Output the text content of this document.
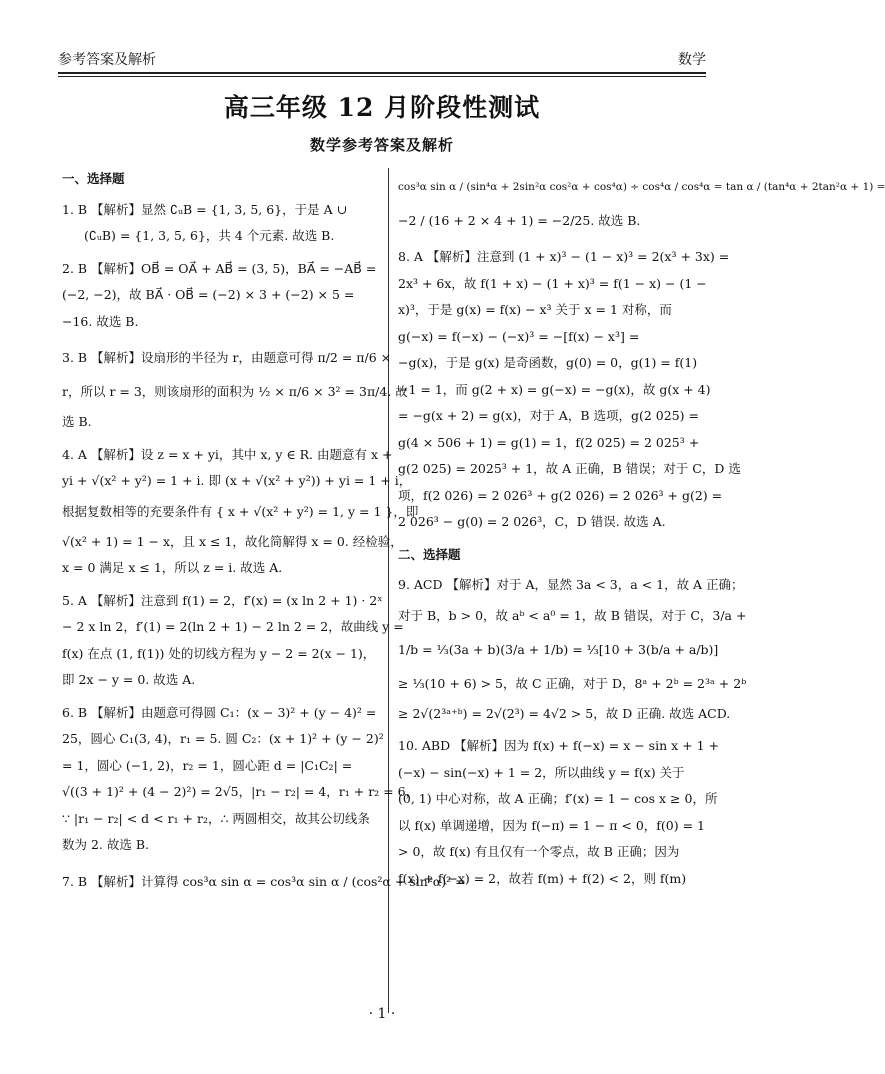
参考答案及解析	数学
高三年级 12 月阶段性测试
数学参考答案及解析

一、选择题

1. B 【解析】显然 ∁ᵤB = {1, 3, 5, 6}，于是 A ∪
(∁ᵤB) = {1, 3, 5, 6}，共 4 个元素. 故选 B.
2. B 【解析】OB⃗ = OA⃗ + AB⃗ = (3, 5)，BA⃗ = −AB⃗ =
(−2, −2)，故 BA⃗ · OB⃗ = (−2) × 3 + (−2) × 5 =
−16. 故选 B.
3. B 【解析】设扇形的半径为 r，由题意可得 π/2 = π/6 ×
r，所以 r = 3，则该扇形的面积为 ½ × π/6 × 3² = 3π/4. 故
选 B.
4. A 【解析】设 z = x + yi，其中 x, y ∈ R. 由题意有 x +
yi + √(x² + y²) = 1 + i. 即 (x + √(x² + y²)) + yi = 1 + i，
根据复数相等的充要条件有 { x + √(x² + y²) = 1, y = 1 }，即
√(x² + 1) = 1 − x，且 x ≤ 1，故化简解得 x = 0. 经检验，
x = 0 满足 x ≤ 1，所以 z = i. 故选 A.
5. A 【解析】注意到 f(1) = 2，f′(x) = (x ln 2 + 1) · 2ˣ
− 2 x ln 2，f′(1) = 2(ln 2 + 1) − 2 ln 2 = 2，故曲线 y =
f(x) 在点 (1, f(1)) 处的切线方程为 y − 2 = 2(x − 1)，
即 2x − y = 0. 故选 A.
6. B 【解析】由题意可得圆 C₁：(x − 3)² + (y − 4)² =
25，圆心 C₁(3, 4)，r₁ = 5. 圆 C₂：(x + 1)² + (y − 2)²
= 1，圆心 (−1, 2)，r₂ = 1，圆心距 d = |C₁C₂| =
√((3 + 1)² + (4 − 2)²) = 2√5，|r₁ − r₂| = 4，r₁ + r₂ = 6，
∵ |r₁ − r₂| < d < r₁ + r₂，∴ 两圆相交，故其公切线条
数为 2. 故选 B.
7. B 【解析】计算得 cos³α sin α = cos³α sin α / (cos²α + sin²α)² =
cos³α sin α / (sin⁴α + 2sin²α cos²α + cos⁴α) ÷ cos⁴α / cos⁴α = tan α / (tan⁴α + 2tan²α + 1) =
−2 / (16 + 2 × 4 + 1) = −2/25. 故选 B.
8. A 【解析】注意到 (1 + x)³ − (1 − x)³ = 2(x³ + 3x) =
2x³ + 6x，故 f(1 + x) − (1 + x)³ = f(1 − x) − (1 −
x)³，于是 g(x) = f(x) − x³ 关于 x = 1 对称，而
g(−x) = f(−x) − (−x)³ = −[f(x) − x³] =
−g(x)，于是 g(x) 是奇函数，g(0) = 0，g(1) = f(1)
−1 = 1，而 g(2 + x) = g(−x) = −g(x)，故 g(x + 4)
= −g(x + 2) = g(x)，对于 A，B 选项，g(2 025) =
g(4 × 506 + 1) = g(1) = 1，f(2 025) = 2 025³ +
g(2 025) = 2025³ + 1，故 A 正确，B 错误；对于 C，D 选
项，f(2 026) = 2 026³ + g(2 026) = 2 026³ + g(2) =
2 026³ − g(0) = 2 026³，C，D 错误. 故选 A.

二、选择题

9. ACD 【解析】对于 A，显然 3a < 3，a < 1，故 A 正确；
对于 B，b > 0，故 aᵇ < a⁰ = 1，故 B 错误，对于 C，3/a +
1/b = ⅓(3a + b)(3/a + 1/b) = ⅓[10 + 3(b/a + a/b)]
≥ ⅓(10 + 6) > 5，故 C 正确，对于 D，8ᵃ + 2ᵇ = 2³ᵃ + 2ᵇ
≥ 2√(2³ᵃ⁺ᵇ) = 2√(2³) = 4√2 > 5，故 D 正确. 故选 ACD.
10. ABD 【解析】因为 f(x) + f(−x) = x − sin x + 1 +
(−x) − sin(−x) + 1 = 2，所以曲线 y = f(x) 关于
(0, 1) 中心对称，故 A 正确；f′(x) = 1 − cos x ≥ 0，所
以 f(x) 单调递增，因为 f(−π) = 1 − π < 0，f(0) = 1
> 0，故 f(x) 有且仅有一个零点，故 B 正确；因为
f(x) + f(−x) = 2，故若 f(m) + f(2) < 2，则 f(m)
· 1 ·
